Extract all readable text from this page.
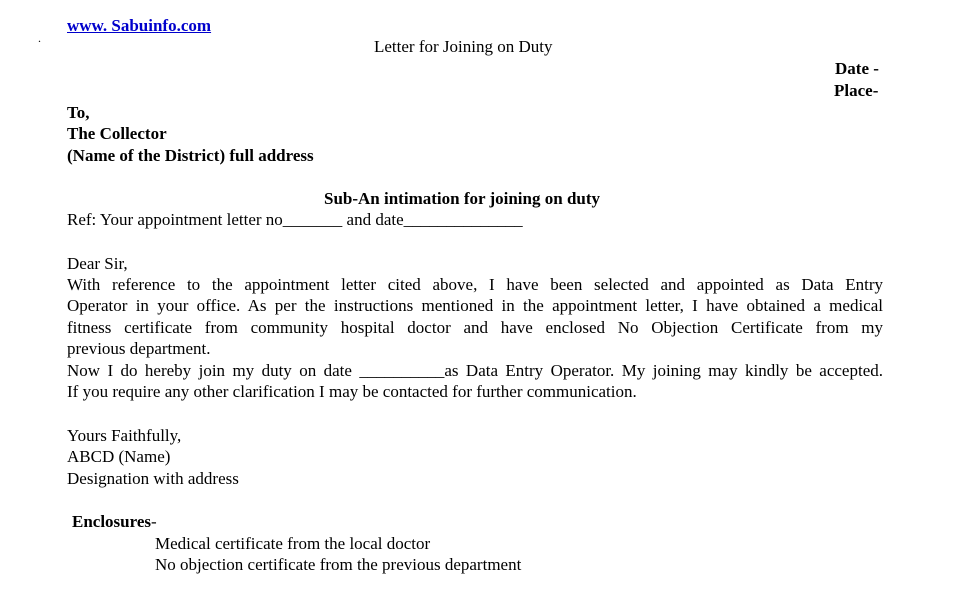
.
www. Sabuinfo.com
Letter for Joining on Duty
Date -
Place-
To,
The Collector
(Name of the District) full address
Sub-An intimation for joining on duty
Ref: Your appointment letter no_______ and date______________
Dear Sir,
With reference to the appointment letter cited above, I have been selected and appointed as Data Entry
Operator in your office. As per the instructions mentioned in the appointment letter, I have obtained a medical
fitness certificate from community hospital doctor and have enclosed No Objection Certificate from my
previous department.
Now I do hereby join my duty on date __________as Data Entry Operator. My joining may kindly be accepted.
If you require any other clarification I may be contacted for further communication.
Yours Faithfully,
ABCD (Name)
Designation with address
Enclosures-
Medical certificate from the local doctor
No objection certificate from the previous department
